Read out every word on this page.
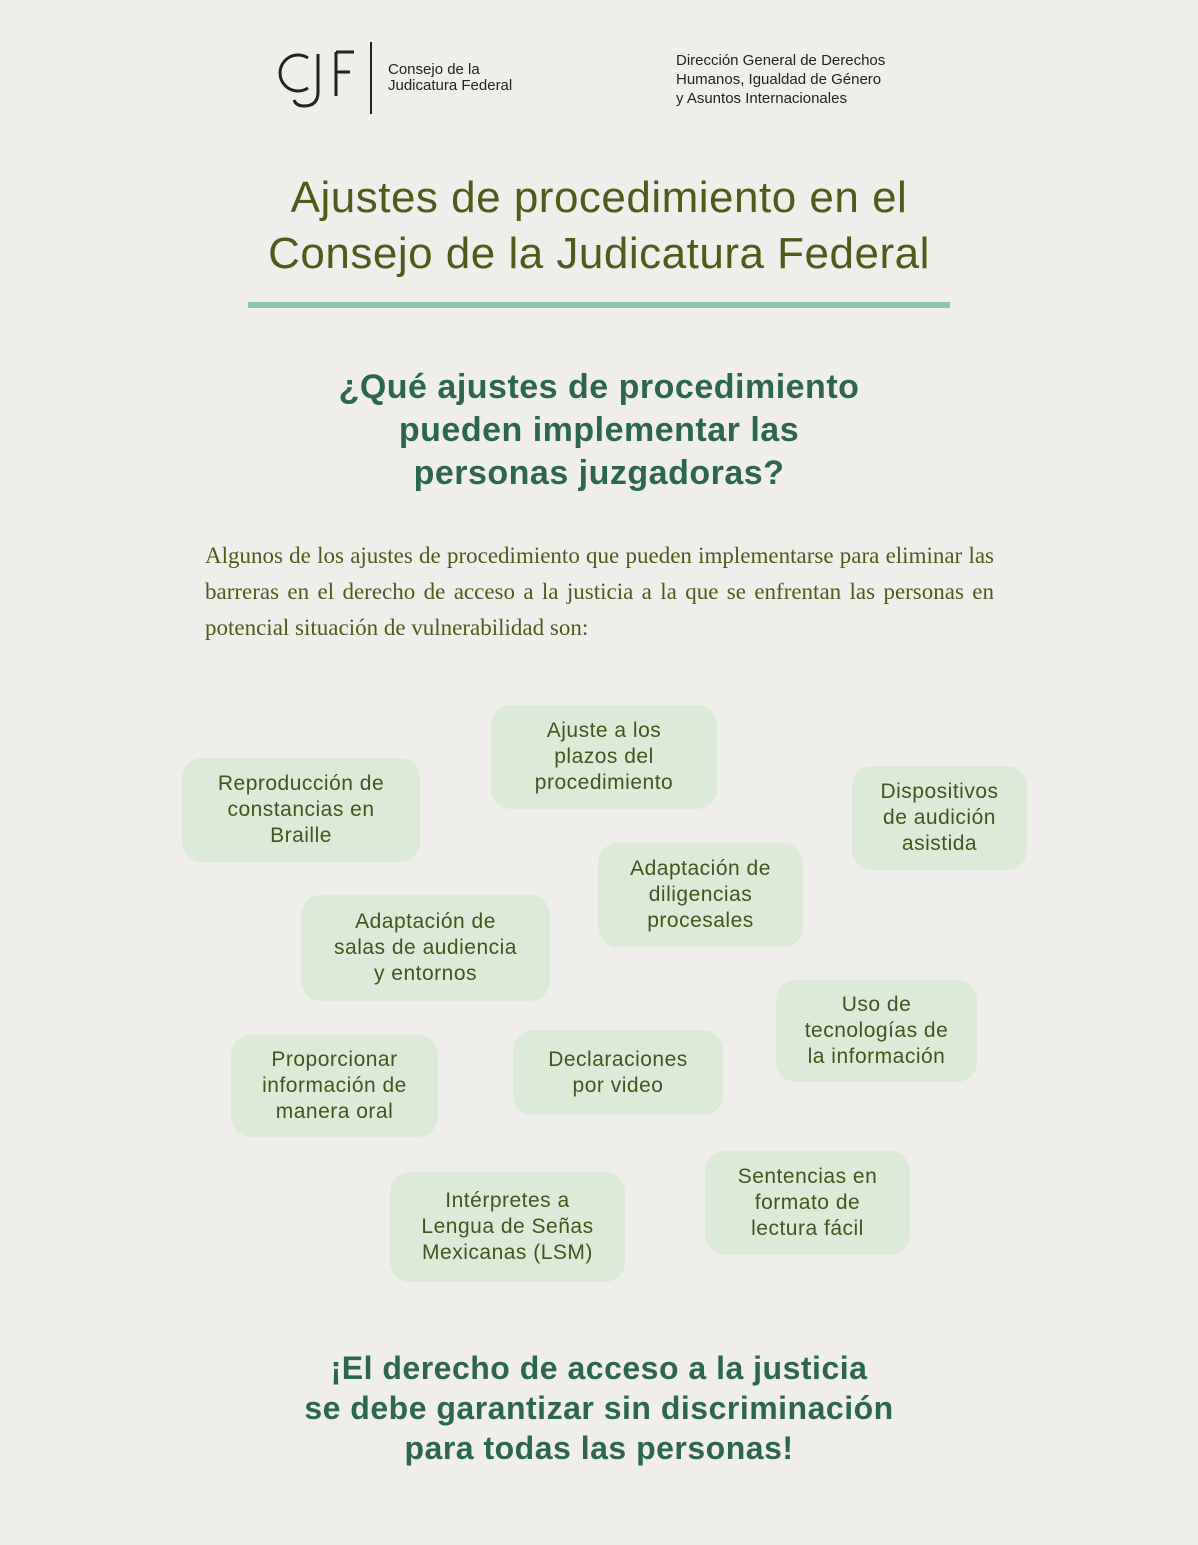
Consejo de la
Judicatura Federal
Dirección General de Derechos
Humanos, Igualdad de Género
y Asuntos Internacionales
Ajustes de procedimiento en el
Consejo de la Judicatura Federal
¿Qué ajustes de procedimiento
pueden implementar las
personas juzgadoras?

Algunos de los ajustes de procedimiento que pueden implementarse para eliminar las barreras en el derecho de acceso a la justicia a la que se enfrentan las personas en potencial situación de vulnerabilidad son:

Ajuste a los
plazos del
procedimiento
Reproducción de
constancias en
Braille
Dispositivos
de audición
asistida
Adaptación de
diligencias
procesales
Adaptación de
salas de audiencia
y entornos
Uso de
tecnologías de
la información
Proporcionar
información de
manera oral
Declaraciones
por video
Intérpretes a
Lengua de Señas
Mexicanas (LSM)
Sentencias en
formato de
lectura fácil
¡El derecho de acceso a la justicia
se debe garantizar sin discriminación
para todas las personas!
